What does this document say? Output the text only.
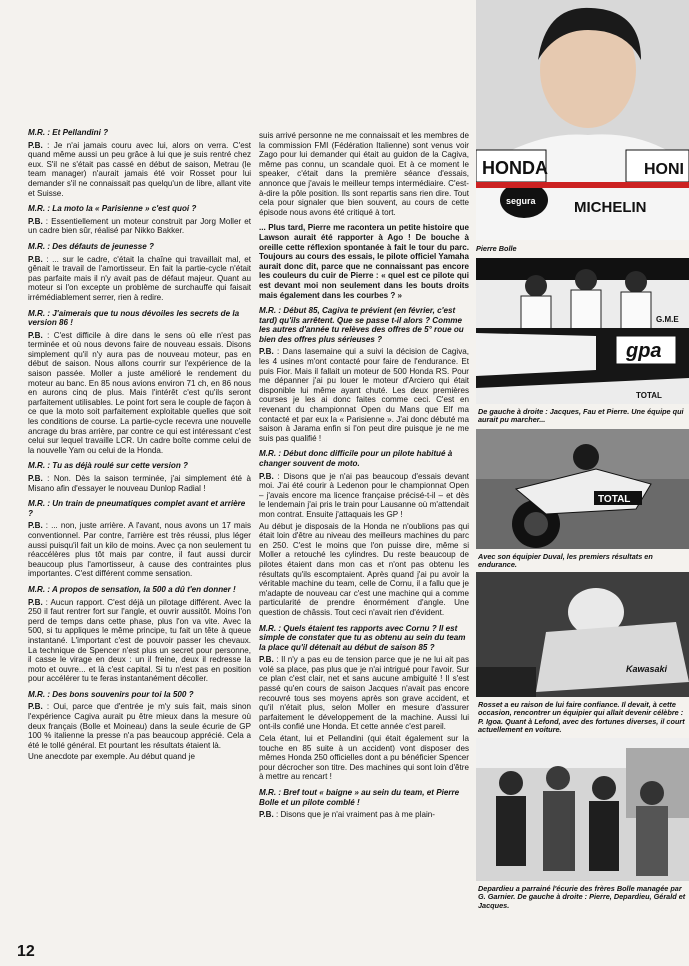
M.R. : Et Pellandini ?
P.B. : Je n'ai jamais couru avec lui, alors on verra. C'est quand même aussi un peu grâce à lui que je suis rentré chez eux. S'il ne s'était pas cassé en début de saison, Metrau (le team manager) n'aurait jamais été voir Rosset pour lui demander s'il ne connaissait pas quelqu'un de libre, allant vite et Suisse.
M.R. : La moto la « Parisienne » c'est quoi ?
P.B. : Essentiellement un moteur construit par Jorg Moller et un cadre bien sûr, réalisé par Nikko Bakker.
M.R. : Des défauts de jeunesse ?
P.B. : ... sur le cadre, c'était la chaîne qui travaillait mal, et gênait le travail de l'amortisseur. En fait la partie-cycle n'était pas parfaite mais il n'y avait pas de défaut majeur. Quant au moteur si l'on excepte un problème de surchauffe qui faisait irrémédiablement serrer, rien à redire.
M.R. : J'aimerais que tu nous dévoiles les secrets de la version 86 !
P.B. : C'est difficile à dire dans le sens où elle n'est pas terminée et où nous devons faire de nouveau essais. Disons simplement qu'il n'y aura pas de nouveau moteur, pas en début de saison. Nous allons courrir sur l'expérience de la saison passée. Moller a juste amélioré le rendement du moteur au banc. En 85 nous avions environ 71 ch, en 86 nous en aurons cinq de plus. Mais l'intérêt c'est qu'ils seront parfaitement utilisables. Le point fort sera le couple de façon à ce que la moto soit parfaitement exploitable quelles que soit les conditions de course. La partie-cycle recevra une nouvelle ancrage du bras arrière, par contre ce qui est intéressant c'est celui sur lequel travaille LCR. Un cadre boîte comme celui de la nouvelle Yam ou celui de la Honda.
M.R. : Tu as déjà roulé sur cette version ?
P.B. : Non. Dès la saison terminée, j'ai simplement été à Misano afin d'essayer le nouveau Dunlop Radial !
M.R. : Un train de pneumatiques complet avant et arrière ?
P.B. : ... non, juste arrière. A l'avant, nous avons un 17 mais conventionnel. Par contre, l'arrière est très réussi, plus léger aussi puisqu'il fait un kilo de moins. Avec ça non seulement tu réaccélères plus tôt mais par contre, il faut aussi durcir beaucoup plus l'amortisseur, à cause des contraintes plus importantes. C'est différent comme sensation.
M.R. : A propos de sensation, la 500 a dû t'en donner !
P.B. : Aucun rapport. C'est déjà un pilotage différent. Avec la 250 il faut rentrer fort sur l'angle, et ouvrir aussitôt. Moins l'on perd de temps dans cette phase, plus l'on va vite. Avec la 500, si tu appliques le même principe, tu fait un tête à queue instantané. L'important c'est de pouvoir passer les chevaux. La technique de Spencer n'est plus un secret pour personne, il casse le virage en deux : un il freine, deux il redresse la moto et ouvre... et là c'est capital. Si tu n'est pas en position pour accélérer tu te feras instantanément décoller.
M.R. : Des bons souvenirs pour toi la 500 ?
P.B. : Oui, parce que d'entrée je m'y suis fait, mais sinon l'expérience Cagiva aurait pu être mieux dans la mesure où deux français (Bolle et Moineau) dans la seule écurie de GP 100 % italienne la presse n'a pas beaucoup apprécié. Cela a été le tollé général. Et pourtant les résultats étaient là.
Une anecdote par exemple. Au début quand je
suis arrivé personne ne me connaissait et les membres de la commission FMI (Fédération Italienne) sont venus voir Zago pour lui demander qui était au guidon de la Cagiva, même pas connu, un scandale quoi. Et à ce moment le speaker, c'était dans la première séance d'essais, annonce que j'avais le meilleur temps intermédiaire. C'est-à-dire la pôle position. Ils sont repartis sans rien dire. Tout cela pour signaler que bien souvent, au cours de cette épisode nous avons été critiqué à tort.
... Plus tard, Pierre me racontera un petite histoire que Lawson aurait été rapporter à Ago ! De bouche à oreille cette réflexion spontanée à fait le tour du parc. Toujours au cours des essais, le pilote officiel Yamaha aurait donc dit, parce que ne connaissant pas encore les couleurs du cuir de Pierre : « quel est ce pilote qui est devant moi non seulement dans les bouts droits mais également dans les courbes ? »
M.R. : Début 85, Cagiva te prévient (en février, c'est tard) qu'ils arrêtent. Que se passe t-il alors ? Comme les autres d'année tu relèves des offres de 5° roue ou bien des offres plus sérieuses ?
P.B. : Dans lasemaine qui a suivi la décision de Cagiva, les 4 usines m'ont contacté pour faire de l'endurance. Et puis Fior. Mais il fallait un moteur de 500 Honda RS. Pour me dépanner j'ai pu louer le moteur d'Arciero qui était disponible lui même ayant chuté. Les deux premières courses je les ai donc faites comme ceci. C'est en revenant du championnat Open du Mans que Elf ma contacté et par eux la « Parisienne ». J'ai donc débuté ma saison à Jarama enfin si l'on peut dire puisque je ne me suis pas qualifié !
M.R. : Début donc difficile pour un pilote habitué à changer souvent de moto.
P.B. : Disons que je n'ai pas beaucoup d'essais devant moi. J'ai été courir à Ledenon pour le championnat Open – j'avais encore ma licence française précisé-t-il – et dès le lendemain j'ai pris le train pour Lausanne où m'attendait mon contrat. Ensuite j'attaquais les GP !
Au début je disposais de la Honda ne n'oublions pas qui était loin d'être au niveau des meilleurs machines du parc en 250. C'est le moins que l'on puisse dire, même si Moller a retouché les cylindres. Du reste beaucoup de pilotes étaient dans mon cas et n'ont pas obtenu les résultats qu'ils escomptaient. Après quand j'ai pu avoir la véritable machine du team, celle de Cornu, il a fallu que je m'adapte de nouveau car c'est une machine qui a comme particularité de prendre énormément d'angle. Une question de châssis. Tout ceci n'avait rien d'évident.
M.R. : Quels étaient tes rapports avec Cornu ? Il est simple de constater que tu as obtenu au sein du team la place qu'il détenait au début de saison 85 ?
P.B. : Il n'y a pas eu de tension parce que je ne lui ait pas volé sa place, pas plus que je n'ai intrigué pour l'avoir. Sur ce plan c'est clair, net et sans aucune ambiguité ! Il s'est passé qu'en cours de saison Jacques n'avait pas encore recouvré tous ses moyens après son grave accident, et qu'il n'était plus, selon Moller en mesure d'assurer parfaitement le développement de la machine. Aussi lui ont-ils confié une Honda. Et cette année c'est pareil.
Cela étant, lui et Pellandini (qui était également sur la touche en 85 suite à un accident) vont disposer des mêmes Honda 250 officielles dont a pu bénéficier Spencer pour décrocher son titre. Des machines qui sont loin d'être à mettre au rencart !
M.R. : Bref tout « baigne » au sein du team, et Pierre Bolle et un pilote comblé !
P.B. : Disons que je n'ai vraiment pas à me plain-
HONDA	HONI
segura	MICHELIN
Pierre Bolle
gpa
G.M.E
TOTAL
De gauche à droite : Jacques, Fau et Pierre. Une équipe qui aurait pu marcher...
TOTAL
Avec son équipier Duval, les premiers résultats en endurance.
Kawasaki
Rosset a eu raison de lui faire confiance. Il devait, à cette occasion, rencontrer un équipier qui allait devenir célèbre : P. Igoa. Quant à Lefond, avec des fortunes diverses, il court actuellement en voiture.
Depardieu a parrainé l'écurie des frères Bolle managée par G. Garnier. De gauche à droite : Pierre, Depardieu, Gérald et Jacques.
12
